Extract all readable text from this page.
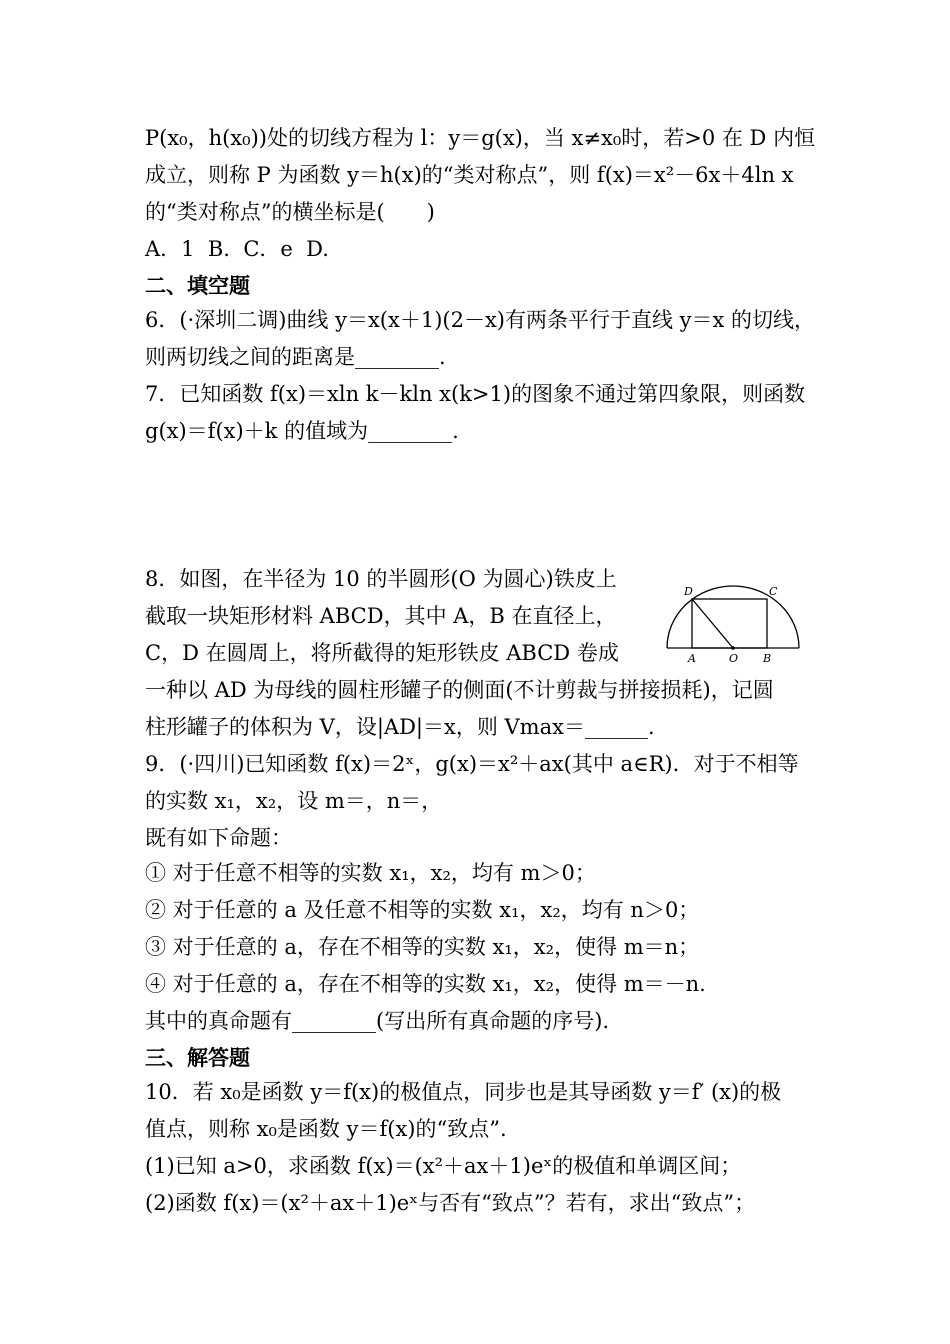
P(x₀，h(x₀))处的切线方程为 l：y＝g(x)，当 x≠x₀时，若>0 在 D 内恒
成立，则称 P 为函数 y＝h(x)的“类对称点”，则 f(x)＝x²－6x＋4ln x
的“类对称点”的横坐标是(　　)
A．1  B.  C．e  D.
二、填空题
6．(·深圳二调)曲线 y＝x(x＋1)(2－x)有两条平行于直线 y＝x 的切线，
则两切线之间的距离是________.
7．已知函数 f(x)＝xln k－kln x(k>1)的图象不通过第四象限，则函数
g(x)＝f(x)＋k 的值域为________.
8．如图，在半径为 10 的半圆形(O 为圆心)铁皮上
截取一块矩形材料 ABCD，其中 A，B 在直径上，
C，D 在圆周上，将所截得的矩形铁皮 ABCD 卷成
一种以 AD 为母线的圆柱形罐子的侧面(不计剪裁与拼接损耗)，记圆
柱形罐子的体积为 V，设|AD|＝x，则 Vmax＝______.
9．(·四川)已知函数 f(x)＝2ˣ，g(x)＝x²＋ax(其中 a∈R)．对于不相等
的实数 x₁，x₂，设 m＝，n＝，
既有如下命题：
① 对于任意不相等的实数 x₁，x₂，均有 m＞0；
② 对于任意的 a 及任意不相等的实数 x₁，x₂，均有 n＞0；
③ 对于任意的 a，存在不相等的实数 x₁，x₂，使得 m＝n；
④ 对于任意的 a，存在不相等的实数 x₁，x₂，使得 m＝－n.
其中的真命题有________(写出所有真命题的序号).
三、解答题
10．若 x₀是函数 y＝f(x)的极值点，同步也是其导函数 y＝f′ (x)的极
值点，则称 x₀是函数 y＝f(x)的“致点”.
(1)已知 a>0，求函数 f(x)＝(x²＋ax＋1)eˣ的极值和单调区间；
(2)函数 f(x)＝(x²＋ax＋1)eˣ与否有“致点”？若有，求出“致点”；
A	O B
C
D
